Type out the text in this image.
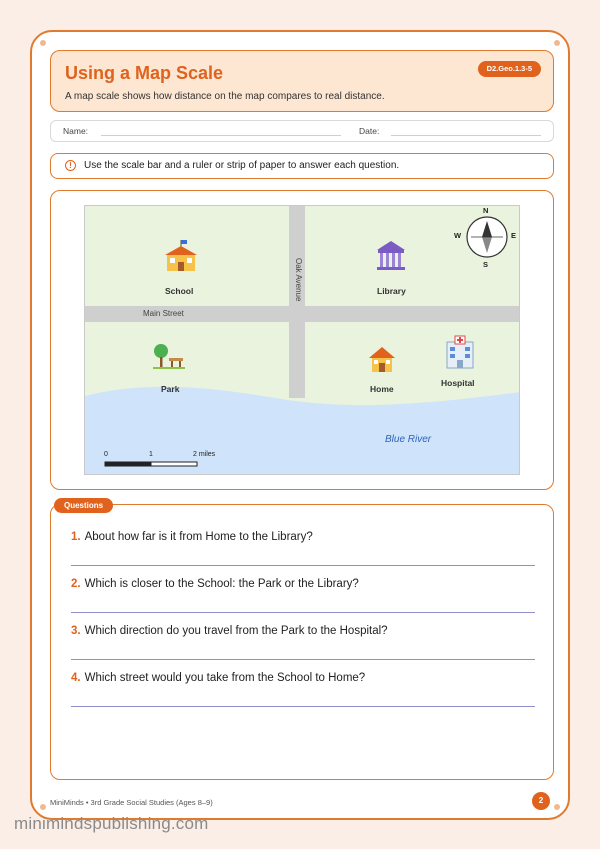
Using a Map Scale
A map scale shows how distance on the map compares to real distance.
D2.Geo.1.3-5
Name:	Date:
!	Use the scale bar and a ruler or strip of paper to answer each question.
School	Library
Park	Home
Hospital
Main Street
Oak Avenue
Blue River
N
S
E
W
0	1	2 miles
1. About how far is it from Home to the Library?
2. Which is closer to the School: the Park or the Library?
3. Which direction do you travel from the Park to the Hospital?
4. Which street would you take from the School to Home?
Questions
MiniMinds • 3rd Grade Social Studies (Ages 8–9)	2
minimindspublishing.com
